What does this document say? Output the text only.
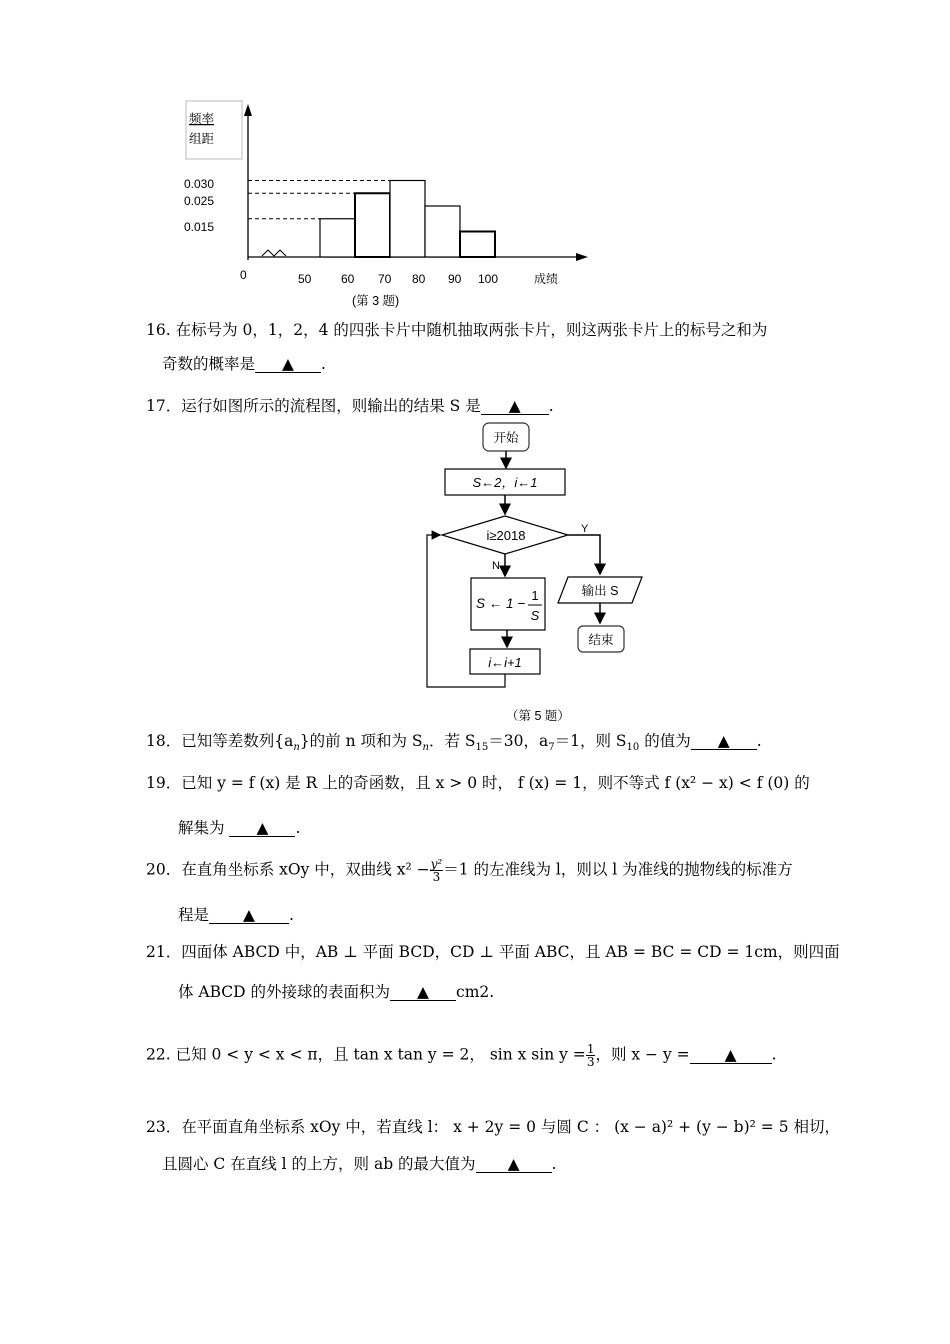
频率
组距
0.030
0.025
0.015
0	50 60 70 80 90 100	成绩
(第 3 题)
16. 在标号为 0，1，2，4 的四张卡片中随机抽取两张卡片，则这两张卡片上的标号之和为
奇数的概率是 ▲ .
17．运行如图所示的流程图，则输出的结果 S 是 ▲ .
开始
S←2，i←1
i≥2018	Y
N
S ← 1 −
1
S
i←i+1
输出 S
结束
（第 5 题）
18．已知等差数列$\{a_n\}$的前 n 项和为 $S_n$．若 $S_{15}=30$，$a_7=1$，则 $S_{10}$ 的值为 ▲ .
19．已知 y = f (x) 是 R 上的奇函数，且 x > 0 时， f (x) = 1，则不等式 f (x² − x) < f (0) 的
解集为 ▲ .
20．在直角坐标系 xOy 中，双曲线 $x^2 - \frac{\text{y²}}{3} =1$ 的左准线为 l，则以 l 为准线的抛物线的标准方
程是 ▲ .
21．四面体 ABCD 中，AB ⊥ 平面 BCD，CD ⊥ 平面 ABC，且 AB = BC = CD = 1cm，则四面
体 ABCD 的外接球的表面积为 ▲ cm2.
22. 已知 0 < y < x < π，且 tan x tan y = 2， sin x $\sin y = \frac{1}{3}$ ，则 x − y = ▲ .
23．在平面直角坐标系 xOy 中，若直线 l： x + 2y = 0 与圆 C ： (x − a)² + (y − b)² = 5 相切，
且圆心 C 在直线 l 的上方，则 ab 的最大值为 ▲ .
